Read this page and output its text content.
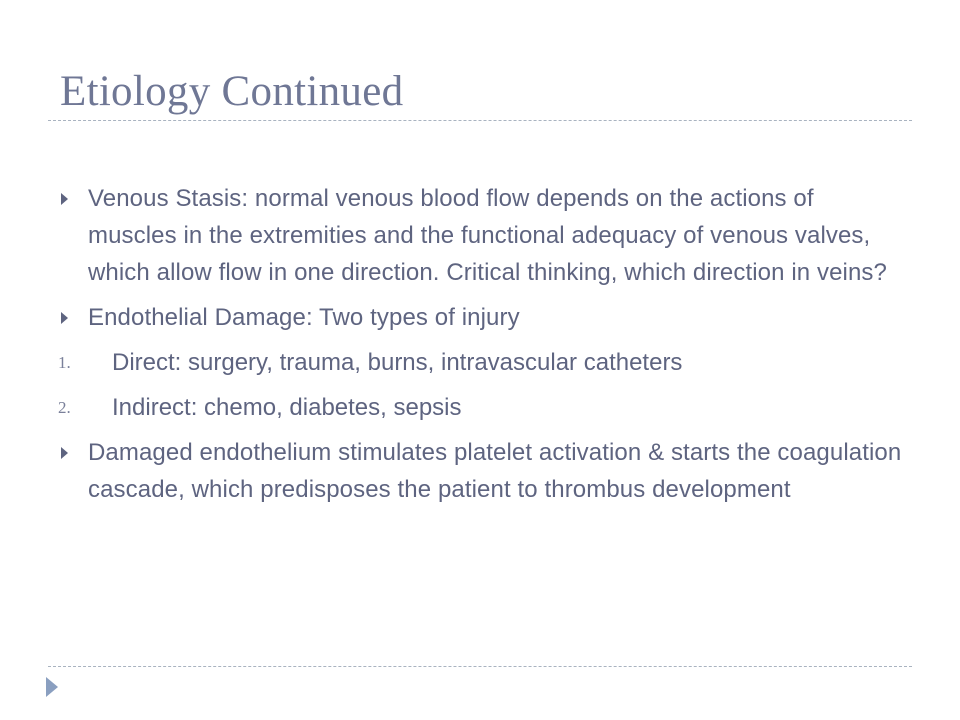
Etiology Continued
Venous Stasis: normal venous blood flow depends on the actions of muscles in the extremities and the functional adequacy of venous valves, which allow flow in one direction. Critical thinking, which direction in veins?
Endothelial Damage: Two types of injury
1. Direct: surgery, trauma, burns, intravascular catheters
2. Indirect: chemo, diabetes, sepsis
Damaged endothelium stimulates platelet activation & starts the coagulation cascade, which predisposes the patient to thrombus development
